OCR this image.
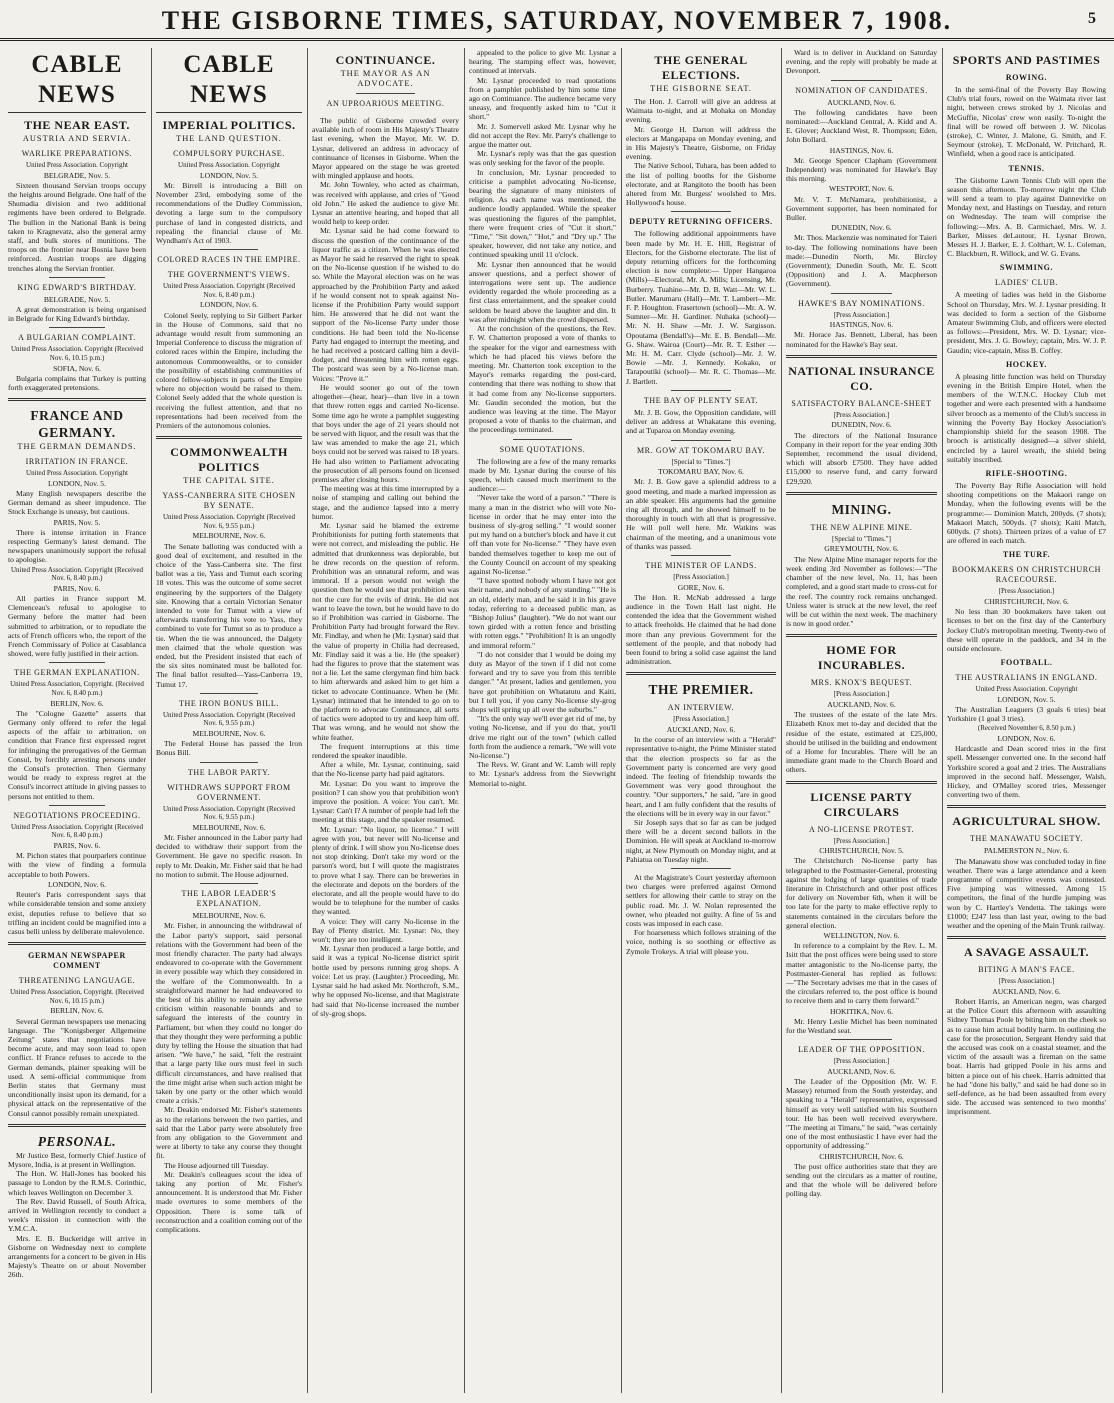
THE GISBORNE TIMES, SATURDAY, NOVEMBER 7, 1908.	5
CABLE NEWS
THE NEAR EAST.
AUSTRIA AND SERVIA.
WARLIKE PREPARATIONS.
United Press Association. Copyright
BELGRADE, Nov. 5.

Sixteen thousand Servian troops occupy the heights around Belgrade. One half of the Shumadia division and two additional regiments have been ordered to Belgrade. The bullion in the National Bank is being taken to Kragnevatz, also the general army staff, and bulk stores of munitions. The troops on the frontier near Bosnia have been reinforced. Austrian troops are digging trenches along the Servian frontier.

KING EDWARD'S BIRTHDAY.
BELGRADE, Nov. 5.

A great demonstration is being organised in Belgrade for King Edward's birthday.

A BULGARIAN COMPLAINT.
United Press Association. Copyright (Received Nov. 6, 10.15 p.m.)
SOFIA, Nov. 6.

Bulgaria complains that Turkey is putting forth exaggerated pretensions.

FRANCE AND GERMANY.
THE GERMAN DEMANDS.
IRRITATION IN FRANCE.
United Press Association. Copyright
LONDON, Nov. 5.

Many English newspapers describe the German demand as sheer impudence. The Stock Exchange is uneasy, but cautious.

PARIS, Nov. 5.

There is intense irritation in France respecting Germany's latest demand. The newspapers unanimously support the refusal to apologise.

United Press Association. Copyright (Received Nov. 6, 8.40 p.m.)
PARIS, Nov. 6.

All parties in France support M. Clemenceau's refusal to apologise to Germany before the matter had been submitted to arbitration, or to repudiate the acts of French officers who, the report of the French Commissary of Police at Casablanca showed, were fully justified in their action.

THE GERMAN EXPLANATION.
United Press Association, Copyright. (Received Nov. 6, 8.40 p.m.)
BERLIN, Nov. 6.

The "Cologne Gazette" asserts that Germany only offered to refer the legal aspects of the affair to arbitration, on condition that France first expressed regret for infringing the prerogatives of the German Consul, by forcibly arresting persons under the Consul's protection. Then Germany would be ready to express regret at the Consul's incorrect attitude in giving passes to persons not entitled to them.

NEGOTIATIONS PROCEEDING.
United Press Association. Copyright (Received Nov. 6, 8.40 p.m.)
PARIS, Nov. 6.

M. Pichon states that pourparlers continue with the view of finding a formula acceptable to both Powers.

LONDON, Nov. 6.

Reuter's Paris correspondent says that while considerable tension and some anxiety exist, deputies refuse to believe that so trifling an incident could be magnified into a casus belli unless by deliberate malevolence.

GERMAN NEWSPAPER COMMENT
THREATENING LANGUAGE.
United Press Association, Copyright. (Received Nov. 6, 10.15 p.m.)
BERLIN, Nov. 6.

Several German newspapers use menacing language. The "Konigsberger Allgemeine Zeitung" states that negotiations have become acute, and may soon lead to open conflict. If France refuses to accede to the German demands, plainer speaking will be used. A semi-official communique from Berlin states that Germany must unconditionally insist upon its demand, for a physical attack on the representative of the Consul cannot possibly remain unexpiated.

PERSONAL.

Mr Justice Best, formerly Chief Justice of Mysore, India, is at present in Wellington.

The Hon. W. Hall-Jones has booked his passage to London by the R.M.S. Corinthic, which leaves Wellington on December 3.

The Rev. David Russell, of South Africa, arrived in Wellington recently to conduct a week's mission in connection with the Y.M.C.A.

Mrs. E. B. Buckeridge will arrive in Gisborne on Wednesday next to complete arrangements for a concert to be given in His Majesty's Theatre on or about November 26th.

CABLE NEWS
IMPERIAL POLITICS.
THE LAND QUESTION.
COMPULSORY PURCHASE.
United Press Association. Copyright
LONDON, Nov. 5.

Mr. Birrell is introducing a Bill on November 23rd, embodying some of the recommendations of the Dudley Commission, devoting a large sum to the compulsory purchase of land in congested districts, and repealing the financial clause of Mr. Wyndham's Act of 1903.

COLORED RACES IN THE EMPIRE.
THE GOVERNMENT'S VIEWS.
United Press Association. Copyright (Received Nov. 6, 8.40 p.m.)
LONDON, Nov. 6.

Colonel Seely, replying to Sir Gilbert Parker in the House of Commons, said that no advantage would result from summoning an Imperial Conference to discuss the migration of colored races within the Empire, including the autonomous Commonwealths, or to consider the possibility of establishing communities of colored fellow-subjects in parts of the Empire where no objection would be raised to them. Colonel Seely added that the whole question is receiving the fullest attention, and that no representations had been received from the Premiers of the autonomous colonies.

COMMONWEALTH POLITICS
THE CAPITAL SITE.
YASS-CANBERRA SITE CHOSEN BY SENATE.
United Press Association. Copyright (Received Nov. 6, 9.55 p.m.)
MELBOURNE, Nov. 6.

The Senate balloting was conducted with a good deal of excitement, and resulted in the choice of the Yass-Canberra site. The first ballot was a tie, Yass and Tumut each scoring 18 votes. This was the outcome of some secret engineering by the supporters of the Dalgety site. Knowing that a certain Victorian Senator intended to vote for Tumut with a view of afterwards transferring his vote to Yass, they combined to vote for Tumut so as to produce a tie. When the tie was announced, the Dalgety men claimed that the whole question was ended, but the President insisted that each of the six sites nominated must be balloted for. The final ballot resulted—Yass-Canberra 19, Tumut 17.

THE IRON BONUS BILL.
United Press Association. Copyright (Received Nov. 6, 9.55 p.m.)
MELBOURNE, Nov. 6.

The Federal House has passed the Iron Bonus Bill.

THE LABOR PARTY.
WITHDRAWS SUPPORT FROM GOVERNMENT.
United Press Association. Copyright (Received Nov. 6, 9.55 p.m.)
MELBOURNE, Nov. 6.

Mr. Fisher announced in the Labor party had decided to withdraw their support from the Government. He gave no specific reason. In reply to Mr. Deakin, Mr. Fisher said that he had no motion to submit. The House adjourned.

THE LABOR LEADER'S EXPLANATION.
MELBOURNE, Nov. 6.

Mr. Fisher, in announcing the withdrawal of the Labor party's support, said personal relations with the Government had been of the most friendly character. The party had always endeavored to co-operate with the Government in every possible way which they considered in the welfare of the Commonwealth. In a straightforward manner he had endeavored to the best of his ability to remain any adverse criticism within reasonable bounds and to safeguard the interests of the country in Parliament, but when they could no longer do that they thought they were performing a public duty by telling the House the situation that had arisen. "We have," he said, "felt the restraint that a large party like ours must feel in such difficult circumstances, and have realised that the time might arise when such action might be taken by one party or the other which would create a crisis."

Mr. Deakin endorsed Mr. Fisher's statements as to the relations between the two parties, and said that the Labor party were absolutely free from any obligation to the Government and were at liberty to take any course they thought fit.

The House adjourned till Tuesday.

Mr. Deakin's colleagues scout the idea of taking any portion of Mr. Fisher's announcement. It is understood that Mr. Fisher made overtures to some members of the Opposition. There is some talk of reconstruction and a coalition coming out of the complications.

CONTINUANCE.
THE MAYOR AS AN ADVOCATE.
AN UPROARIOUS MEETING.

The public of Gisborne crowded every available inch of room in His Majesty's Theatre last evening, when the Mayor, Mr. W. D. Lysnar, delivered an address in advocacy of continuance of licenses in Gisborne. When the Mayor appeared on the stage he was greeted with mingled applause and hoots.

Mr. John Townley, who acted as chairman, was received with applause, and cries of "Good old John." He asked the audience to give Mr. Lysnar an attentive hearing, and hoped that all would help to keep order.

Mr. Lysnar said he had come forward to discuss the question of the continuance of the liquor traffic as a citizen. When he was elected as Mayor he said he reserved the right to speak on the No-license question if he wished to do so. While the Mayoral election was on he was approached by the Prohibition Party and asked if he would consent not to speak against No-license if the Prohibition Party would support him. He answered that he did not want the support of the No-license Party under those conditions. He had been told the No-license Party had engaged to interrupt the meeting, and he had received a postcard calling him a devil-dodger, and threatening him with rotten eggs. The postcard was seen by a No-license man. Voices: "Prove it."

He would sooner go out of the town altogether—(hear, hear)—than live in a town that threw rotten eggs and carried No-license. Some time ago he wrote a pamphlet suggesting that boys under the age of 21 years should not be served with liquor, and the result was that the law was amended to make the age 21, which boys could not be served was raised to 18 years. He had also written to Parliament advocating the prosecution of all persons found on licensed premises after closing hours.

The meeting was at this time interrupted by a noise of stamping and calling out behind the stage, and the audience lapsed into a merry humor.

Mr. Lysnar said he blamed the extreme Prohibitionists for putting forth statements that were not correct, and misleading the public. He admitted that drunkenness was deplorable, but he drew records on the question of reform. Prohibition was an unnatural reform, and was immoral. If a person would not weigh the question then he would see that prohibition was not the cure for the evils of drink. He did not want to leave the town, but he would have to do so if Prohibition was carried in Gisborne. The Prohibition Party had brought forward the Rev. Mr. Findlay, and when he (Mr. Lysnar) said that the value of property in Chilia had decreased, Mr. Findlay said it was a lie. He (the speaker) had the figures to prove that the statement was not a lie. Let the same clergyman find him back to him afterwards and asked him to get him a ticket to advocate Continuance. When he (Mr. Lysnar) intimated that he intended to go on to the platform to advocate Continuance, all sorts of tactics were adopted to try and keep him off. That was wrong, and he would not show the white feather.

The frequent interruptions at this time rendered the speaker inaudible.

After a while, Mr. Lysnar, continuing, said that the No-license party had paid agitators.

Mr. Lysnar: Do you want to improve the position? I can show you that prohibition won't improve the position. A voice: You can't. Mr. Lysnar: Can't I? A number of people had left the meeting at this stage, and the speaker resumed.

Mr. Lysnar: "No liquor, no license." I will agree with you, but never will No-license and plenty of drink. I will show you No-license does not stop drinking. Don't take my word or the parson's word, but I will quote the magistrates to prove what I say. There can be breweries in the electorate and depots on the borders of the electorate, and all the people would have to do would be to telephone for the number of casks they wanted.

A voice: They will carry No-license in the Bay of Plenty district. Mr. Lysnar: No, they won't; they are too intelligent.

Mr. Lysnar then produced a large bottle, and said it was a typical No-license district spirit bottle used by persons running grog shops. A voice: Let us pray. (Laughter.) Proceeding, Mr. Lysnar said he had asked Mr. Northcroft, S.M., why he opposed No-license, and that Magistrate had said that No-license increased the number of sly-grog shops.

appealed to the police to give Mr. Lysnar a hearing. The stamping effect was, however, continued at intervals.

Mr. Lysnar proceeded to read quotations from a pamphlet published by him some time ago on Continuance. The audience became very uneasy, and frequently asked him to "Cut it short."

Mr. J. Somervell asked Mr. Lysnar why he did not accept the Rev. Mr. Parry's challenge to argue the matter out.

Mr. Lysnar's reply was that the gas question was only seeking for the favor of the people.

In conclusion, Mr. Lysnar proceeded to criticise a pamphlet advocating No-license, bearing the signature of many ministers of religion. As each name was mentioned, the audience loudly applauded. While the speaker was questioning the figures of the pamphlet, there were frequent cries of "Cut it short," "Time," "Sit down," "Hot," and "Dry up." The speaker, however, did not take any notice, and continued speaking until 11 o'clock.

Mr. Lysnar then announced that he would answer questions, and a perfect shower of interrogations were sent up. The audience evidently regarded the whole proceeding as a first class entertainment, and the speaker could seldom be heard above the laughter and din. It was after midnight when the crowd dispersed.

At the conclusion of the questions, the Rev. F. W. Chatterton proposed a vote of thanks to the speaker for the vigor and earnestness with which he had placed his views before the meeting. Mr. Chatterton took exception to the Mayor's remarks regarding the post-card, contending that there was nothing to show that it had come from any No-license supporters. Mr. Gaudin seconded the motion, but the audience was leaving at the time. The Mayor proposed a vote of thanks to the chairman, and the proceedings terminated.

SOME QUOTATIONS.

The following are a few of the many remarks made by Mr. Lysnar during the course of his speech, which caused much merriment to the audience:—

"Never take the word of a parson." "There is many a man in the district who will vote No-license in order that he may enter into the business of sly-grog selling." "I would sooner put my hand on a butcher's block and have it cut off than vote for No-license." "They have even banded themselves together to keep me out of the County Council on account of my speaking against No-license."

"I have spotted nobody whom I have not got their name, and nobody of any standing." "He is an old, elderly man, and he said it in his grave today, referring to a deceased public man, as "Bishop Julius" (laughter). "We do not want our town girded with a rotten fence and bristling with rotten eggs." "Prohibition! It is an ungodly and immoral reform."

"I do not consider that I would be doing my duty as Mayor of the town if I did not come forward and try to save you from this terrible danger." "At present, ladies and gentlemen, you have got prohibition on Whatatutu and Kaiti, but I tell you, if you carry No-license sly-grog shops will spring up all over the suburbs."

"It's the only way we'll ever get rid of me, by voting No-license, and if you do that, you'll drive me right out of the town" (which called forth from the audience a remark, "We will vote No-license.")

The Revs. W. Grant and W. Lamb will reply to Mr. Lysnar's address from the Sievwright Memorial to-night.

THE GENERAL ELECTIONS.
THE GISBORNE SEAT.

The Hon. J. Carroll will give an address at Waimata to-night, and at Mohaka on Monday evening.

Mr. George H. Darton will address the electors at Mangapapa on Monday evening, and in His Majesty's Theatre, Gisborne, on Friday evening.

The Native School, Tuhara, has been added to the list of polling booths for the Gisborne electorate, and at Rangitoto the booth has been altered from Mr. Burgess' woolshed to Mrs. Hollywood's house.

DEPUTY RETURNING OFFICERS.

The following additional appointments have been made by Mr. H. E. Hill, Registrar of Electors, for the Gisborne electorate. The list of deputy returning officers for the forthcoming election is now complete:— Upper Hangaroa (Mills)—Electoral, Mr. A. Mills; Licensing, Mr. Burberry. Tuahine—Mr. D. B. Watt—Mr. W. L. Butler. Marumaru (Hall)—Mr. T. Lambert—Mr. F. P. Houghton. Frasertown (school)—Mr. A. W. Sumner—Mr. H. Gardiner. Nuhaka (school)—Mr. N. H. Shaw —Mr. J. W. Sargisson. Opoutama (Bendall's)—Mr. E. B. Bendall—Mr. G. Shaw. Wairoa (Court)—Mr. R. T. Esther —Mr. H. M. Carr. Clyde (school)—Mr. J. W. Bowie —Mr. J. Kennedy. Kokako, or Tarapoutiki (school)— Mr. R. C. Thomas—Mr. J. Bartlett.

THE BAY OF PLENTY SEAT.

Mr. J. B. Gow, the Opposition candidate, will deliver an address at Whakatane this evening, and at Tuparoa on Monday evening.

MR. GOW AT TOKOMARU BAY.
[Special to "Times."]
TOKOMARU BAY, Nov. 6.

Mr. J. B. Gow gave a splendid address to a good meeting, and made a marked impression as an able speaker. His arguments had the genuine ring all through, and he showed himself to be thoroughly in touch with all that is progressive. He will poll well here. Mr. Watkins was chairman of the meeting, and a unanimous vote of thanks was passed.

THE MINISTER OF LANDS.
[Press Association.]
GORE, Nov. 6.

The Hon. R. McNab addressed a large audience in the Town Hall last night. He contended the idea that the Government wished to attack freeholds. He claimed that he had done more than any previous Government for the settlement of the people, and that nobody had been found to bring a solid case against the land administration.

THE PREMIER.
AN INTERVIEW.
[Press Association.]
AUCKLAND, Nov. 6.

In the course of an interview with a "Herald" representative to-night, the Prime Minister stated that the election prospects so far as the Government party is concerned are very good indeed. The feeling of friendship towards the Government was very good throughout the country. "Our supporters," he said, "are in good heart, and I am fully confident that the results of the elections will be in every way in our favor."

Sir Joseph says that so far as can be judged there will be a decent second ballots in the Dominion. He will speak at Auckland to-morrow night, at New Plymouth on Monday night, and at Pahiatua on Tuesday night.

At the Magistrate's Court yesterday afternoon two charges were preferred against Ormond settlers for allowing their cattle to stray on the public road. Mr. J. W. Nolan represented the owner, who pleaded not guilty. A fine of 5s and costs was imposed in each case.

For hoarseness which follows straining of the voice, nothing is so soothing or effective as Zymole Trokeys. A trial will please you.

Ward is to deliver in Auckland on Saturday evening, and the reply will probably be made at Devonport.

NOMINATION OF CANDIDATES.
AUCKLAND, Nov. 6.

The following candidates have been nominated:—Auckland Central, A. Kidd and A. E. Glover; Auckland West, R. Thompson; Eden, John Bollard.

HASTINGS, Nov. 6.

Mr. George Spencer Clapham (Government Independent) was nominated for Hawke's Bay this morning.

WESTPORT, Nov. 6.

Mr. V. T. McNamara, prohibitionist, a Government supporter, has been nominated for Buller.

DUNEDIN, Nov. 6.

Mr. Thos. Mackenzie was nominated for Taieri to-day. The following nominations have been made:—Dunedin North, Mr. Bircley (Government); Dunedin South, Mr. E. Scott (Opposition) and J. A. Macpherson (Government).

HAWKE'S BAY NOMINATIONS.
[Press Association.]
HASTINGS, Nov. 6.

Mr. Horace Jas. Bennett, Liberal, has been nominated for the Hawke's Bay seat.

NATIONAL INSURANCE CO.
SATISFACTORY BALANCE-SHEET
[Press Association.]
DUNEDIN, Nov. 6.

The directors of the National Insurance Company in their report for the year ending 30th September, recommend the usual dividend, which will absorb £7500. They have added £15,000 to reserve fund, and carry forward £29,920.

MINING.
THE NEW ALPINE MINE.
[Special to "Times."]
GREYMOUTH, Nov. 6.

The New Alpine Mine manager reports for the week ending 3rd November as follows:—"The chamber of the new level, No. 11, has been completed, and a good start made to cross-cut for the reef. The country rock remains unchanged. Unless water is struck at the new level, the reef will be cut within the next week. The machinery is now in good order."

HOME FOR INCURABLES.
MRS. KNOX'S BEQUEST.
[Press Association.]
AUCKLAND, Nov. 6.

The trustees of the estate of the late Mrs. Elizabeth Knox met to-day and decided that the residue of the estate, estimated at £25,000, should be utilised in the building and endowment of a Home for Incurables. There will be an immediate grant made to the Church Board and others.

LICENSE PARTY CIRCULARS
A NO-LICENSE PROTEST.
[Press Association.]
CHRISTCHURCH, Nov. 5.

The Christchurch No-license party has telegraphed to the Postmaster-General, protesting against the lodging of large quantities of trade literature in Christchurch and other post offices for delivery on November 6th, when it will be too late for the party to make effective reply to statements contained in the circulars before the general election.

WELLINGTON, Nov. 6.

In reference to a complaint by the Rev. L. M. Isitt that the post offices were being used to store matter antagonistic to the No-license party, the Postmaster-General has replied as follows:—"The Secretary advises me that in the cases of the circulars referred to, the post office is bound to receive them and to carry them forward."

HOKITIKA, Nov. 6.

Mr. Henry Leslie Michel has been nominated for the Westland seat.

LEADER OF THE OPPOSITION.
[Press Association.]
AUCKLAND, Nov. 6.

The Leader of the Opposition (Mr. W. F. Massey) returned from the South yesterday, and speaking to a "Herald" representative, expressed himself as very well satisfied with his Southern tour. He has been well received everywhere. "The meeting at Timaru," he said, "was certainly one of the most enthusiastic I have ever had the opportunity of addressing."

CHRISTCHURCH, Nov. 6.

The post office authorities state that they are sending out the circulars as a matter of routine, and that the whole will be delivered before polling day.

SPORTS AND PASTIMES
ROWING.

In the semi-final of the Poverty Bay Rowing Club's trial fours, rowed on the Waimata river last night, between crews stroked by J. Nicolas and McGuffie, Nicolas' crew won easily. To-night the final will be rowed off between J. W. Nicolas (stroke), C. Winter, J. Malone, G. Smith, and F. Seymour (stroke), T. McDonald, W. Pritchard, R. Winfield, when a good race is anticipated.

TENNIS.

The Gisborne Lawn Tennis Club will open the season this afternoon. To-morrow night the Club will send a team to play against Dannevirke on Monday next, and Hastings on Tuesday, and return on Wednesday. The team will comprise the following:—Mrs. A. B. Carmichael, Mrs. W. J. Barker, Misses deLautour, H. Lysnar Brown, Messrs H. J. Barker, E. J. Colthart, W. L. Coleman, C. Blackburn, R. Willock, and W. G. Evans.

SWIMMING.
LADIES' CLUB.

A meeting of ladies was held in the Gisborne School on Thursday, Mrs. W. J. Lysnar presiding. It was decided to form a section of the Gisborne Amateur Swimming Club, and officers were elected as follows:—President, Mrs. W. D. Lysnar; vice-president, Mrs. J. G. Bowley; captain, Mrs. W. J. P. Gaudin; vice-captain, Miss B. Coffey.

HOCKEY.

A pleasing little function was held on Thursday evening in the British Empire Hotel, when the members of the W.T.N.C. Hockey Club met together and were each presented with a handsome silver brooch as a memento of the Club's success in winning the Poverty Bay Hockey Association's championship shield for the season 1908. The brooch is artistically designed—a silver shield, encircled by a laurel wreath, the shield being suitably inscribed.

RIFLE-SHOOTING.

The Poverty Bay Rifle Association will hold shooting competitions on the Makaori range on Monday, when the following events will be the programme:— Dominion Match, 200yds. (7 shots); Makaori Match, 500yds. (7 shots); Kaiti Match, 600yds. (7 shots). Thirteen prizes of a value of £7 are offered in each match.

THE TURF.
BOOKMAKERS ON CHRISTCHURCH RACECOURSE.
[Press Association.]
CHRISTCHURCH, Nov. 6.

No less than 30 bookmakers have taken out licenses to bet on the first day of the Canterbury Jockey Club's metropolitan meeting. Twenty-two of these will operate in the paddock, and 34 in the outside enclosure.

FOOTBALL.
THE AUSTRALIANS IN ENGLAND.
United Press Association. Copyright
LONDON, Nov. 5.

The Australian Leaguers (3 goals 6 tries) beat Yorkshire (1 goal 3 tries).

(Received November 6, 8.50 p.m.)
LONDON, Nov. 6.

Hardcastle and Dean scored tries in the first spell. Messenger converted one. In the second half Yorkshire scored a goal and 2 tries. The Australians improved in the second half. Messenger, Walsh, Hickey, and O'Malley scored tries, Messenger converting two of them.

AGRICULTURAL SHOW.
THE MANAWATU SOCIETY.
PALMERSTON N., Nov. 6.

The Manawatu show was concluded today in fine weather. There was a large attendance and a keen programme of competitive events was contested. Five jumping was witnessed. Among 15 competitors, the final of the hurdle jumping was won by C. Hartley's Vendetta. The takings were £1000; £247 less than last year, owing to the bad weather and the opening of the Main Trunk railway.

A SAVAGE ASSAULT.
BITING A MAN'S FACE.
[Press Association.]
AUCKLAND, Nov. 6.

Robert Harris, an American negro, was charged at the Police Court this afternoon with assaulting Sidney Thomas Poole by biting him on the cheek so as to cause him actual bodily harm. In outlining the case for the prosecution, Sergeant Hendry said that the accused was cook on a coastal steamer, and the victim of the assault was a fireman on the same boat. Harris had gripped Poole in his arms and bitten a piece out of his cheek. Harris admitted that he had "done his bally," and said he had done so in self-defence, as he had been assaulted from every side. The accused was sentenced to two months' imprisonment.
